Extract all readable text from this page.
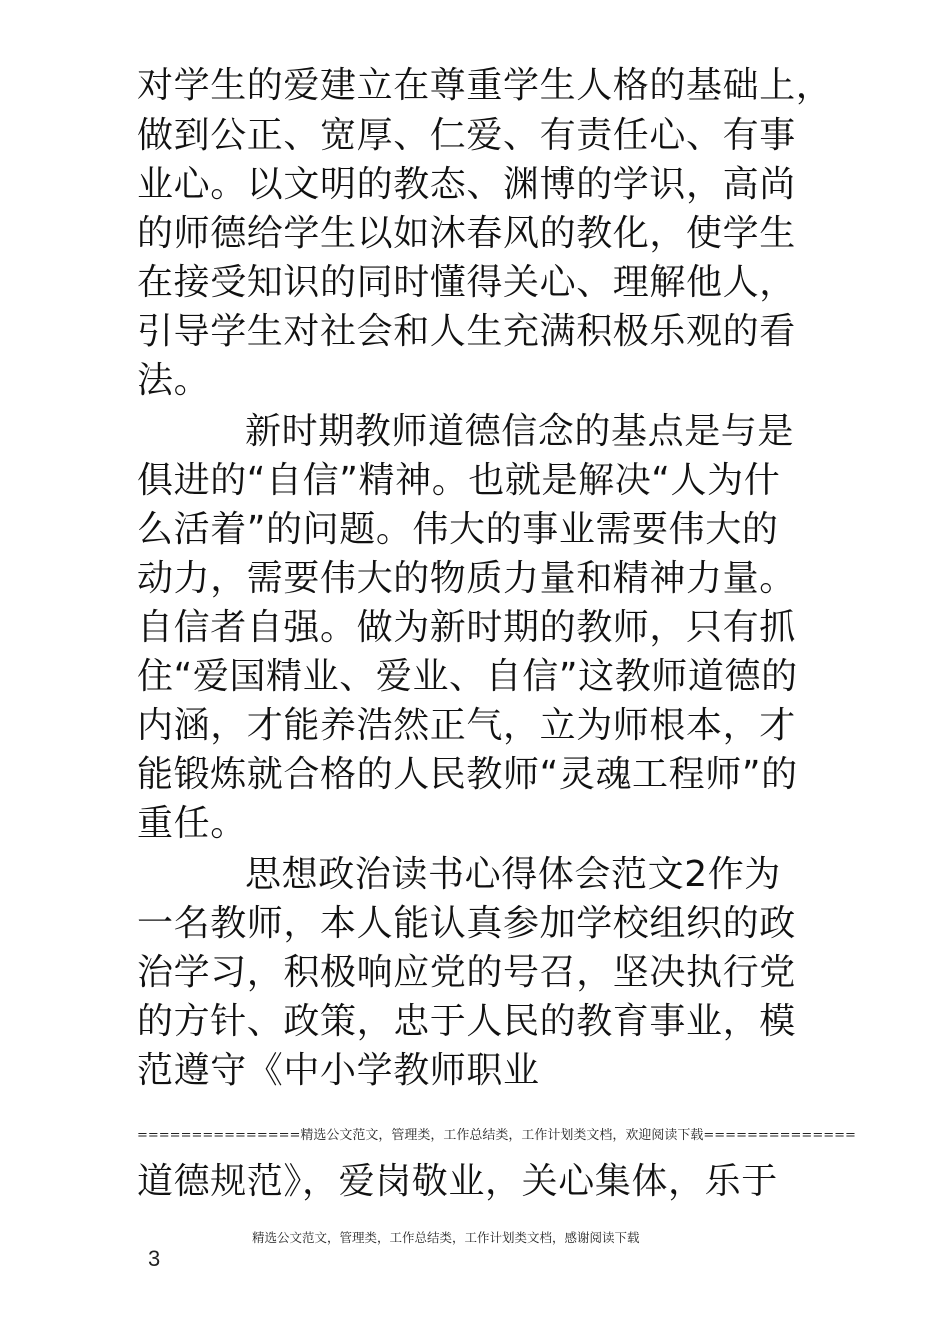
对学生的爱建立在尊重学生人格的基础上，
做到公正、宽厚、仁爱、有责任心、有事
业心。以文明的教态、渊博的学识，高尚
的师德给学生以如沐春风的教化，使学生
在接受知识的同时懂得关心、理解他人，
引导学生对社会和人生充满积极乐观的看
法。
新时期教师道德信念的基点是与是
俱进的“自信”精神。也就是解决“人为什
么活着”的问题。伟大的事业需要伟大的
动力，需要伟大的物质力量和精神力量。
自信者自强。做为新时期的教师，只有抓
住“爱国精业、爱业、自信”这教师道德的
内涵，才能养浩然正气，立为师根本，才
能锻炼就合格的人民教师“灵魂工程师”的
重任。
思想政治读书心得体会范文2作为
一名教师，本人能认真参加学校组织的政
治学习，积极响应党的号召，坚决执行党
的方针、政策，忠于人民的教育事业，模
范遵守《中小学教师职业
===============精选公文范文，管理类，工作总结类，工作计划类文档，欢迎阅读下载==============
道德规范》，爱岗敬业，关心集体，乐于
精选公文范文，管理类，工作总结类，工作计划类文档，感谢阅读下载
3
